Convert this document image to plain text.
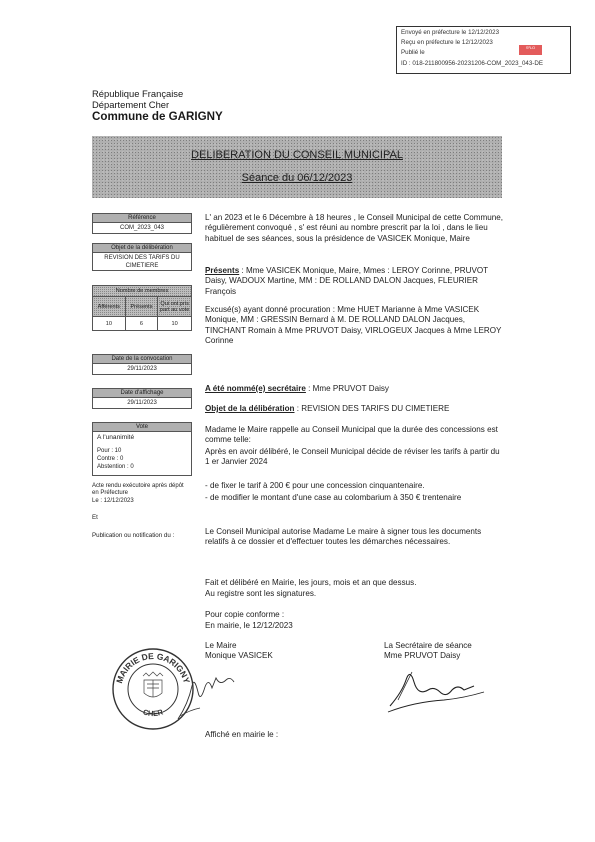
Envoyé en préfecture le 12/12/2023
Reçu en préfecture le 12/12/2023
Publié le
ID : 018-211800956-20231206-COM_2023_043-DE
S²LO
République Française
Département Cher
Commune de GARIGNY
DELIBERATION DU CONSEIL MUNICIPAL
Séance du 06/12/2023
Référence
COM_2023_043
Objet de la délibération
REVISION DES TARIFS DU CIMETIERE
Nombre de membres		
Afférents	Présents	Qui ont pris part au vote
10	6	10
Date de la convocation
29/11/2023
Date d'affichage
29/11/2023
Vote
A l'unanimité
Pour : 10
Contre : 0
Abstention : 0
Acte rendu exécutoire après dépôt
en Préfecture
Le : 12/12/2023
Et
Publication ou notification du :
L' an 2023 et le 6 Décembre à 18 heures , le Conseil Municipal de cette Commune, régulièrement convoqué , s' est réuni au nombre prescrit par la loi , dans le lieu habituel de ses séances, sous la présidence de VASICEK Monique, Maire
Présents : Mme VASICEK Monique, Maire, Mmes : LEROY Corinne, PRUVOT Daisy, WADOUX Martine, MM : DE ROLLAND DALON Jacques, FLEURIER François
Excusé(s) ayant donné procuration : Mme HUET Marianne à Mme VASICEK Monique, MM : GRESSIN Bernard à M. DE ROLLAND DALON Jacques, TINCHANT Romain à Mme PRUVOT Daisy, VIRLOGEUX Jacques à Mme LEROY Corinne
A été nommé(e) secrétaire : Mme PRUVOT Daisy
Objet de la délibération : REVISION DES TARIFS DU CIMETIERE
Madame le Maire rappelle au Conseil Municipal que la durée des concessions est comme telle:
Après en avoir délibéré, le Conseil Municipal décide de réviser les tarifs à partir du 1 er Janvier 2024
- de fixer le tarif à 200 € pour une concession cinquantenaire.
- de modifier le montant d'une case au colombarium à 350 € trentenaire
Le Conseil Municipal autorise Madame Le maire à signer tous les documents relatifs à ce dossier et d'effectuer toutes les démarches nécessaires.
Fait et délibéré en Mairie, les jours, mois et an que dessus.
Au registre sont les signatures.
Pour copie conforme :
En mairie, le 12/12/2023
Le Maire
Monique VASICEK
La Secrétaire de séance
Mme PRUVOT Daisy
MAIRIE DE GARIGNY
CHER
Affiché en mairie le :
